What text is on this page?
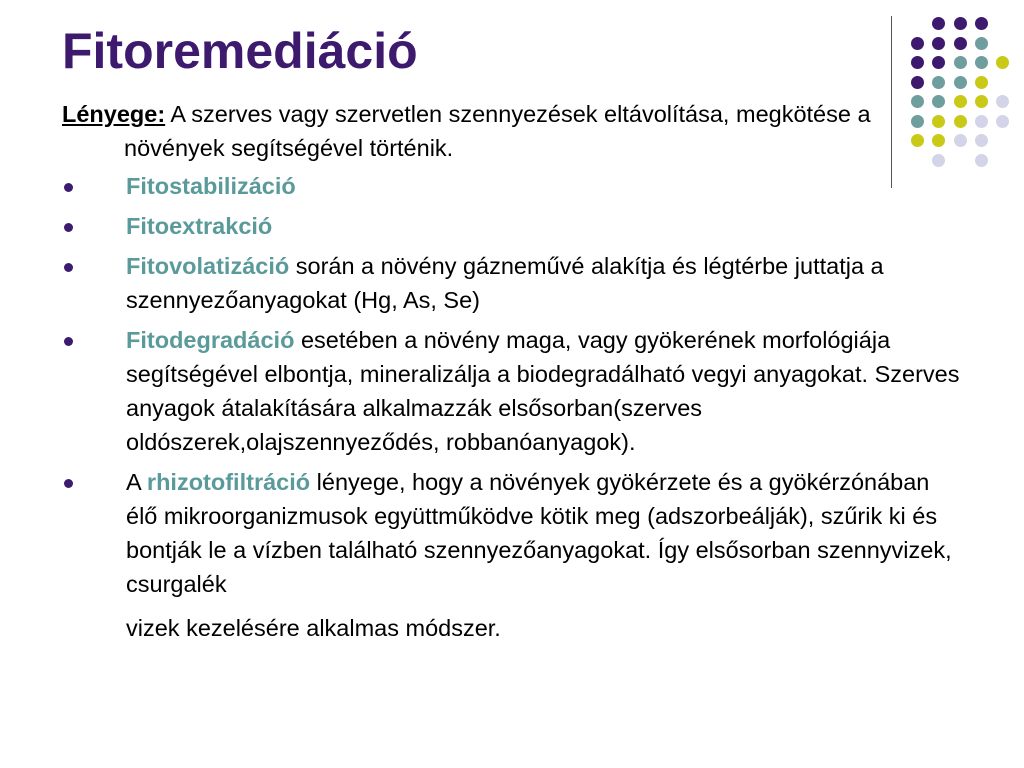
Fitoremediáció

Lényege: A szerves vagy szervetlen szennyezések eltávolítása, megkötése a növények segítségével történik.

Fitostabilizáció
Fitoextrakció
Fitovolatizáció során a növény gázneművé alakítja és légtérbe juttatja a szennyezőanyagokat (Hg, As, Se)
Fitodegradáció esetében a növény maga, vagy gyökerének morfológiája segítségével elbontja, mineralizálja a biodegradálható vegyi anyagokat. Szerves anyagok átalakítására alkalmazzák elsősorban(szerves oldószerek,olajszennyeződés, robbanóanyagok).
A rhizotofiltráció lényege, hogy a növények gyökérzete és a gyökérzónában élő mikroorganizmusok együttműködve kötik meg (adszorbeálják), szűrik ki és bontják le a vízben található szennyezőanyagokat. Így elsősorban szennyvizek, csurgalék
vizek kezelésére alkalmas módszer.
